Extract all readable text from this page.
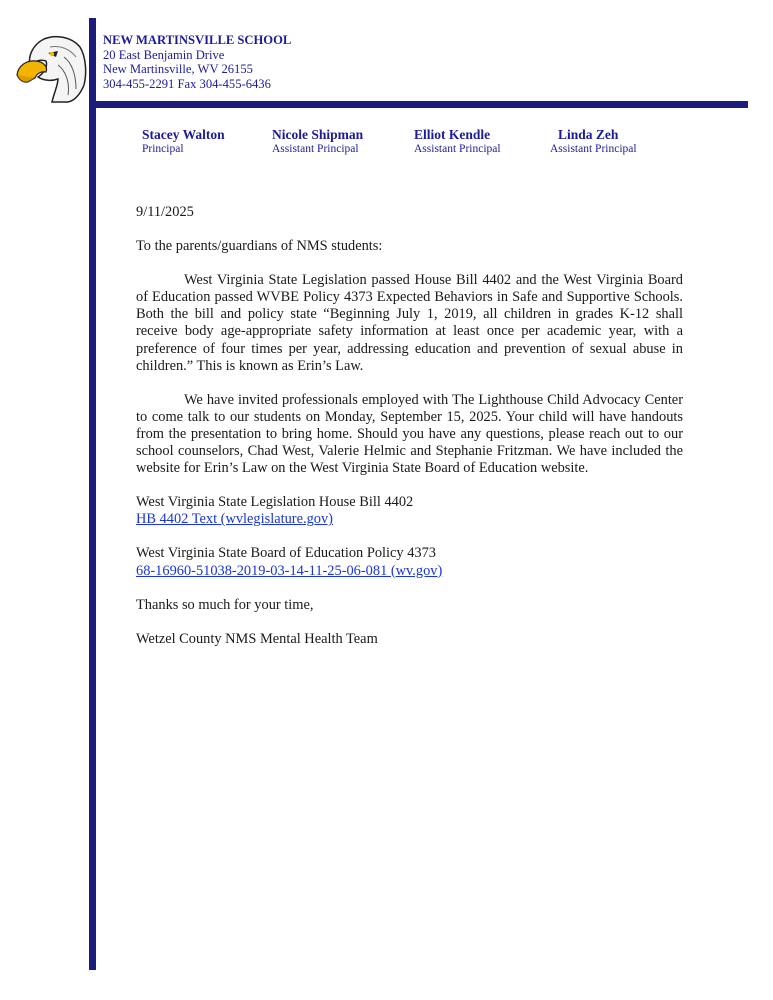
NEW MARTINSVILLE SCHOOL
20 East Benjamin Drive
New Martinsville, WV 26155
304-455-2291 Fax 304-455-6436
Stacey Walton
Principal
Nicole Shipman
Assistant Principal
Elliot Kendle
Assistant Principal
Linda Zeh
Assistant Principal

9/11/2025

To the parents/guardians of NMS students:

West Virginia State Legislation passed House Bill 4402 and the West Virginia Board of Education passed WVBE Policy 4373 Expected Behaviors in Safe and Supportive Schools. Both the bill and policy state “Beginning July 1, 2019, all children in grades K-12 shall receive body age-appropriate safety information at least once per academic year, with a preference of four times per year, addressing education and prevention of sexual abuse in children.” This is known as Erin’s Law.

We have invited professionals employed with The Lighthouse Child Advocacy Center to come talk to our students on Monday, September 15, 2025. Your child will have handouts from the presentation to bring home. Should you have any questions, please reach out to our school counselors, Chad West, Valerie Helmic and Stephanie Fritzman. We have included the website for Erin’s Law on the West Virginia State Board of Education website.

West Virginia State Legislation House Bill 4402
HB 4402 Text (wvlegislature.gov)

West Virginia State Board of Education Policy 4373
68-16960-51038-2019-03-14-11-25-06-081 (wv.gov)

Thanks so much for your time,

Wetzel County NMS Mental Health Team
